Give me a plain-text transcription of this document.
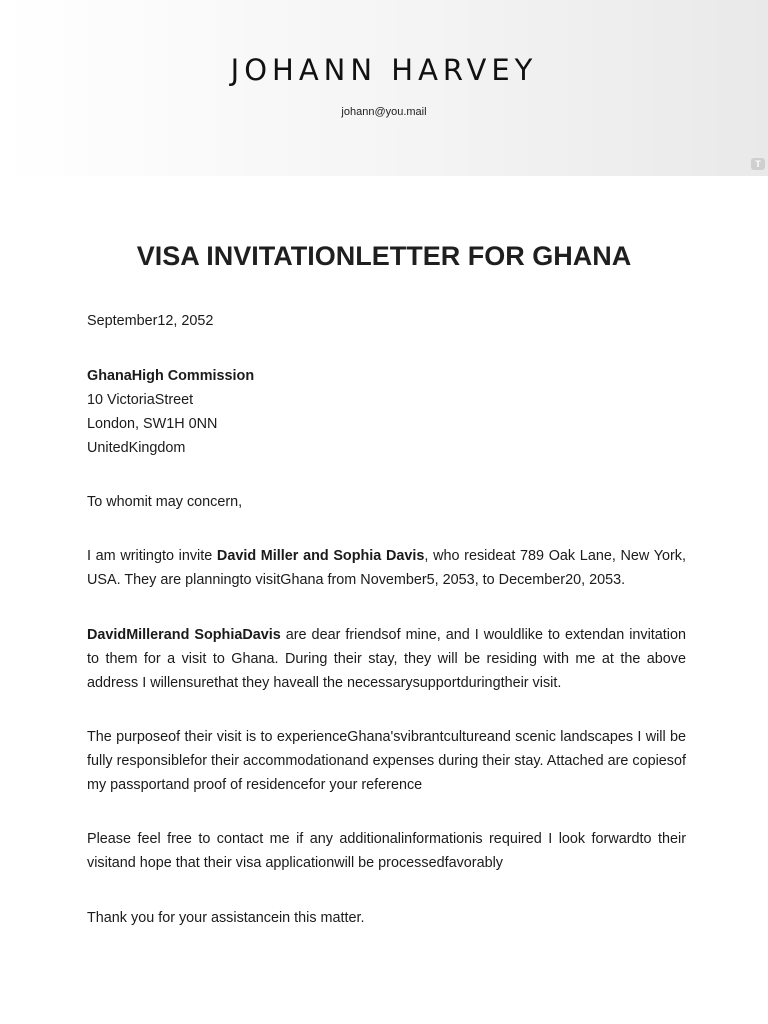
JOHANN HARVEY
johann@you.mail
T
VISA INVITATIONLETTER FOR GHANA
September12, 2052
GhanaHigh Commission
10 VictoriaStreet
London, SW1H 0NN
UnitedKingdom
To whomit may concern,
I am writingto invite David Miller and Sophia Davis, who resideat 789 Oak Lane, New York, USA. They are planningto visitGhana from November5, 2053, to December20, 2053.
DavidMillerand SophiaDavis are dear friendsof mine, and I wouldlike to extendan invitation to them for a visit to Ghana. During their stay, they will be residing with me at the above address I willensurethat they haveall the necessarysupportduringtheir visit.
The purposeof their visit is to experienceGhana'svibrantcultureand scenic landscapes I will be fully responsiblefor their accommodationand expenses during their stay. Attached are copiesof my passportand proof of residencefor your reference
Please feel free to contact me if any additionalinformationis required I look forwardto their visitand hope that their visa applicationwill be processedfavorably
Thank you for your assistancein this matter.
